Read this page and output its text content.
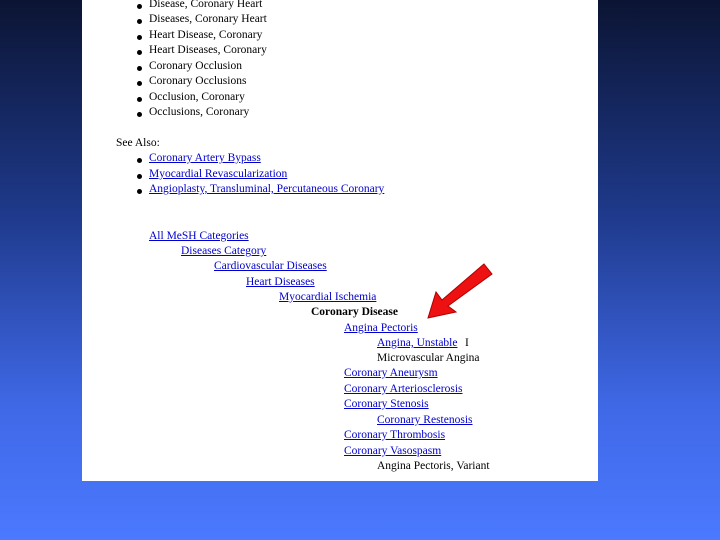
Disease, Coronary Heart
Diseases, Coronary Heart
Heart Disease, Coronary
Heart Diseases, Coronary
Coronary Occlusion
Coronary Occlusions
Occlusion, Coronary
Occlusions, Coronary
See Also:
Coronary Artery Bypass
Myocardial Revascularization
Angioplasty, Transluminal, Percutaneous Coronary
All MeSH Categories
Diseases Category
Cardiovascular Diseases
Heart Diseases
Myocardial Ischemia
Coronary Disease
Angina Pectoris
Angina, Unstable I
Microvascular Angina
Coronary Aneurysm
Coronary Arteriosclerosis
Coronary Stenosis
Coronary Restenosis
Coronary Thrombosis
Coronary Vasospasm
Angina Pectoris, Variant
